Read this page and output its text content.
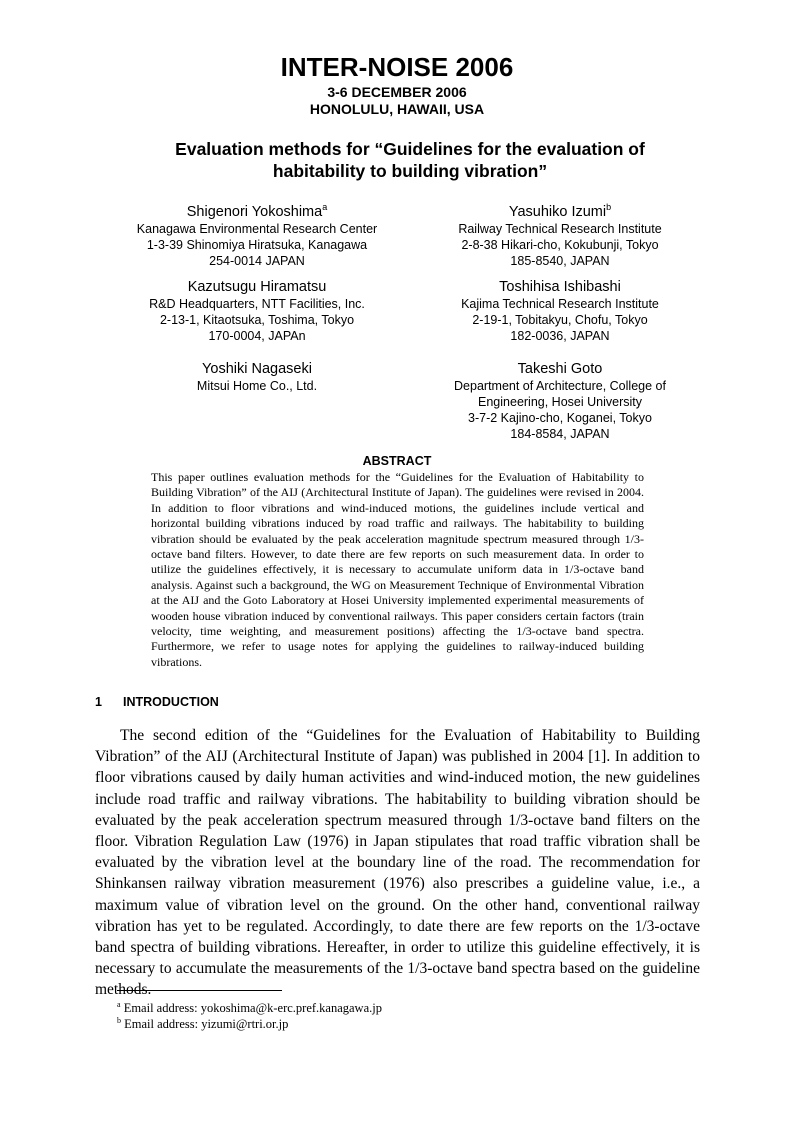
INTER-NOISE 2006
3-6 DECEMBER 2006
HONOLULU, HAWAII, USA
Evaluation methods for “Guidelines for the evaluation of
habitability to building vibration”
Shigenori Yokoshima$^a$
Kanagawa Environmental Research Center
1-3-39 Shinomiya Hiratsuka, Kanagawa
254-0014 JAPAN
Yasuhiko Izumi$^b$
Railway Technical Research Institute
2-8-38 Hikari-cho, Kokubunji, Tokyo
185-8540, JAPAN
Kazutsugu Hiramatsu
R&D Headquarters, NTT Facilities, Inc.
2-13-1, Kitaotsuka, Toshima, Tokyo
170-0004, JAPAn
Toshihisa Ishibashi
Kajima Technical Research Institute
2-19-1, Tobitakyu, Chofu, Tokyo
182-0036, JAPAN
Yoshiki Nagaseki
Mitsui Home Co., Ltd.
Takeshi Goto
Department of Architecture, College of
Engineering, Hosei University
3-7-2 Kajino-cho, Koganei, Tokyo
184-8584, JAPAN
ABSTRACT
This paper outlines evaluation methods for the “Guidelines for the Evaluation of Habitability to Building Vibration” of the AIJ (Architectural Institute of Japan). The guidelines were revised in 2004. In addition to floor vibrations and wind-induced motions, the guidelines include vertical and horizontal building vibrations induced by road traffic and railways. The habitability to building vibration should be evaluated by the peak acceleration magnitude spectrum measured through 1/3-octave band filters. However, to date there are few reports on such measurement data. In order to utilize the guidelines effectively, it is necessary to accumulate uniform data in 1/3-octave band analysis. Against such a background, the WG on Measurement Technique of Environmental Vibration at the AIJ and the Goto Laboratory at Hosei University implemented experimental measurements of wooden house vibration induced by conventional railways. This paper considers certain factors (train velocity, time weighting, and measurement positions) affecting the 1/3-octave band spectra. Furthermore, we refer to usage notes for applying the guidelines to railway-induced building vibrations.
1 INTRODUCTION
The second edition of the “Guidelines for the Evaluation of Habitability to Building Vibration” of the AIJ (Architectural Institute of Japan) was published in 2004 [1]. In addition to floor vibrations caused by daily human activities and wind-induced motion, the new guidelines include road traffic and railway vibrations. The habitability to building vibration should be evaluated by the peak acceleration spectrum measured through 1/3-octave band filters on the floor. Vibration Regulation Law (1976) in Japan stipulates that road traffic vibration shall be evaluated by the vibration level at the boundary line of the road. The recommendation for Shinkansen railway vibration measurement (1976) also prescribes a guideline value, i.e., a maximum value of vibration level on the ground. On the other hand, conventional railway vibration has yet to be regulated. Accordingly, to date there are few reports on the 1/3-octave band spectra of building vibrations. Hereafter, in order to utilize this guideline effectively, it is necessary to accumulate the measurements of the 1/3-octave band spectra based on the guideline methods.
$^a$ Email address: yokoshima@k-erc.pref.kanagawa.jp
$^b$ Email address: yizumi@rtri.or.jp
